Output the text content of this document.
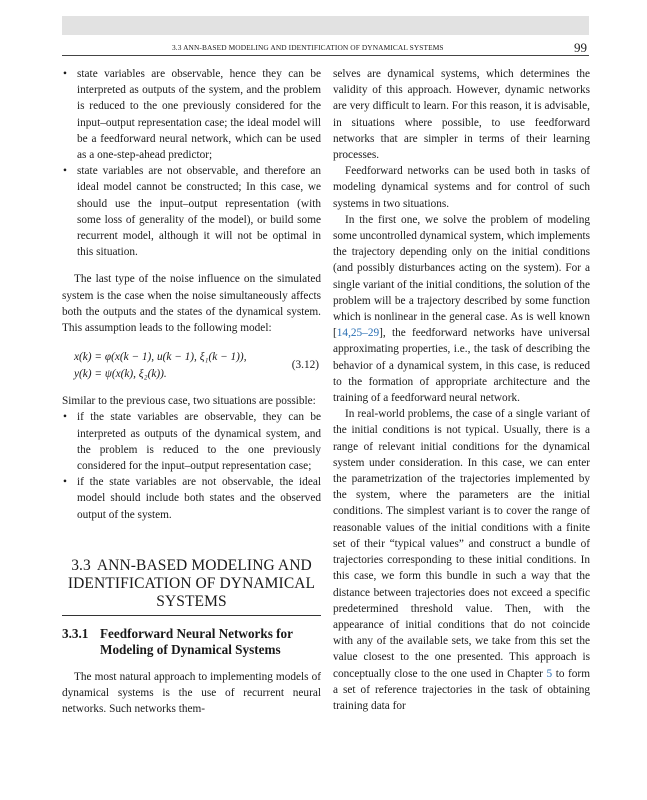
3.3 ANN-BASED MODELING AND IDENTIFICATION OF DYNAMICAL SYSTEMS	99
• state variables are observable, hence they can be interpreted as outputs of the system, and the problem is reduced to the one previously considered for the input–output representation case; the ideal model will be a feedforward neural network, which can be used as a one-step-ahead predictor;
• state variables are not observable, and therefore an ideal model cannot be constructed; In this case, we should use the input–output representation (with some loss of generality of the model), or build some recurrent model, although it will not be optimal in this situation.

The last type of the noise influence on the simulated system is the case when the noise simultaneously affects both the outputs and the states of the dynamical system. This assumption leads to the following model:

x(k) = φ(x(k − 1), u(k − 1), ξ₁(k − 1)),
y(k) = ψ(x(k), ξ₂(k)).
(3.12)

Similar to the previous case, two situations are possible:

• if the state variables are observable, they can be interpreted as outputs of the dynamical system, and the problem is reduced to the one previously considered for the input–output representation case;
• if the state variables are not observable, the ideal model should include both states and the observed output of the system.
3.3 ANN-BASED MODELING AND IDENTIFICATION OF DYNAMICAL SYSTEMS
3.3.1 Feedforward Neural Networks for Modeling of Dynamical Systems

The most natural approach to implementing models of dynamical systems is the use of recurrent neural networks. Such networks them-

selves are dynamical systems, which determines the validity of this approach. However, dynamic networks are very difficult to learn. For this reason, it is advisable, in situations where possible, to use feedforward networks that are simpler in terms of their learning processes.

Feedforward networks can be used both in tasks of modeling dynamical systems and for control of such systems in two situations.

In the first one, we solve the problem of modeling some uncontrolled dynamical system, which implements the trajectory depending only on the initial conditions (and possibly disturbances acting on the system). For a single variant of the initial conditions, the solution of the problem will be a trajectory described by some function which is nonlinear in the general case. As is well known [14,25–29], the feedforward networks have universal approximating properties, i.e., the task of describing the behavior of a dynamical system, in this case, is reduced to the formation of appropriate architecture and the training of a feedforward neural network.

In real-world problems, the case of a single variant of the initial conditions is not typical. Usually, there is a range of relevant initial conditions for the dynamical system under consideration. In this case, we can enter the parametrization of the trajectories implemented by the system, where the parameters are the initial conditions. The simplest variant is to cover the range of reasonable values of the initial conditions with a finite set of their “typical values” and construct a bundle of trajectories corresponding to these initial conditions. In this case, we form this bundle in such a way that the distance between trajectories does not exceed a specific predetermined threshold value. Then, with the appearance of initial conditions that do not coincide with any of the available sets, we take from this set the value closest to the one presented. This approach is conceptually close to the one used in Chapter 5 to form a set of reference trajectories in the task of obtaining training data for
